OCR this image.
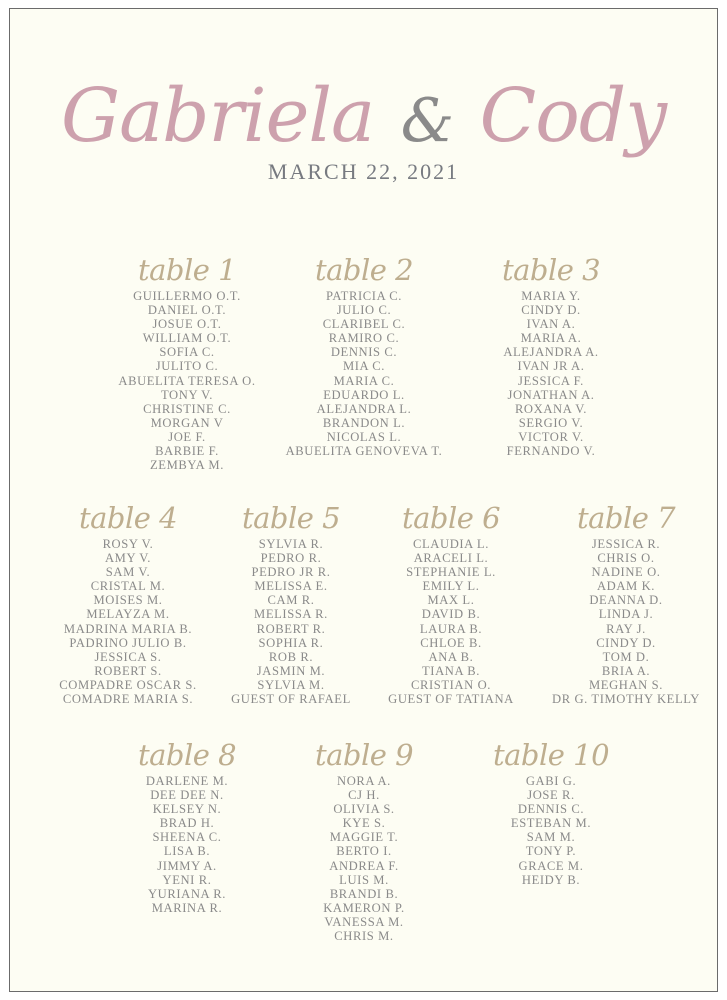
Gabriela & Cody
MARCH 22, 2021
table 1
GUILLERMO O.T.
DANIEL O.T.
JOSUE O.T.
WILLIAM O.T.
SOFIA C.
JULITO C.
ABUELITA TERESA O.
TONY V.
CHRISTINE C.
MORGAN V
JOE F.
BARBIE F.
ZEMBYA M.
table 2
PATRICIA C.
JULIO C.
CLARIBEL C.
RAMIRO C.
DENNIS C.
MIA C.
MARIA C.
EDUARDO L.
ALEJANDRA L.
BRANDON L.
NICOLAS L.
ABUELITA GENOVEVA T.
table 3
MARIA Y.
CINDY D.
IVAN A.
MARIA A.
ALEJANDRA A.
IVAN JR A.
JESSICA F.
JONATHAN A.
ROXANA V.
SERGIO V.
VICTOR V.
FERNANDO V.
table 4
ROSY V.
AMY V.
SAM V.
CRISTAL M.
MOISES M.
MELAYZA M.
MADRINA MARIA B.
PADRINO JULIO B.
JESSICA S.
ROBERT S.
COMPADRE OSCAR S.
COMADRE MARIA S.
table 5
SYLVIA R.
PEDRO R.
PEDRO JR R.
MELISSA E.
CAM R.
MELISSA R.
ROBERT R.
SOPHIA R.
ROB R.
JASMIN M.
SYLVIA M.
GUEST OF RAFAEL
table 6
CLAUDIA L.
ARACELI L.
STEPHANIE L.
EMILY L.
MAX L.
DAVID B.
LAURA B.
CHLOE B.
ANA B.
TIANA B.
CRISTIAN O.
GUEST OF TATIANA
table 7
JESSICA R.
CHRIS O.
NADINE O.
ADAM K.
DEANNA D.
LINDA J.
RAY J.
CINDY D.
TOM D.
BRIA A.
MEGHAN S.
DR G. TIMOTHY KELLY
table 8
DARLENE M.
DEE DEE N.
KELSEY N.
BRAD H.
SHEENA C.
LISA B.
JIMMY A.
YENI R.
YURIANA R.
MARINA R.
table 9
NORA A.
CJ H.
OLIVIA S.
KYE S.
MAGGIE T.
BERTO I.
ANDREA F.
LUIS M.
BRANDI B.
KAMERON P.
VANESSA M.
CHRIS M.
table 10
GABI G.
JOSE R.
DENNIS C.
ESTEBAN M.
SAM M.
TONY P.
GRACE M.
HEIDY B.
